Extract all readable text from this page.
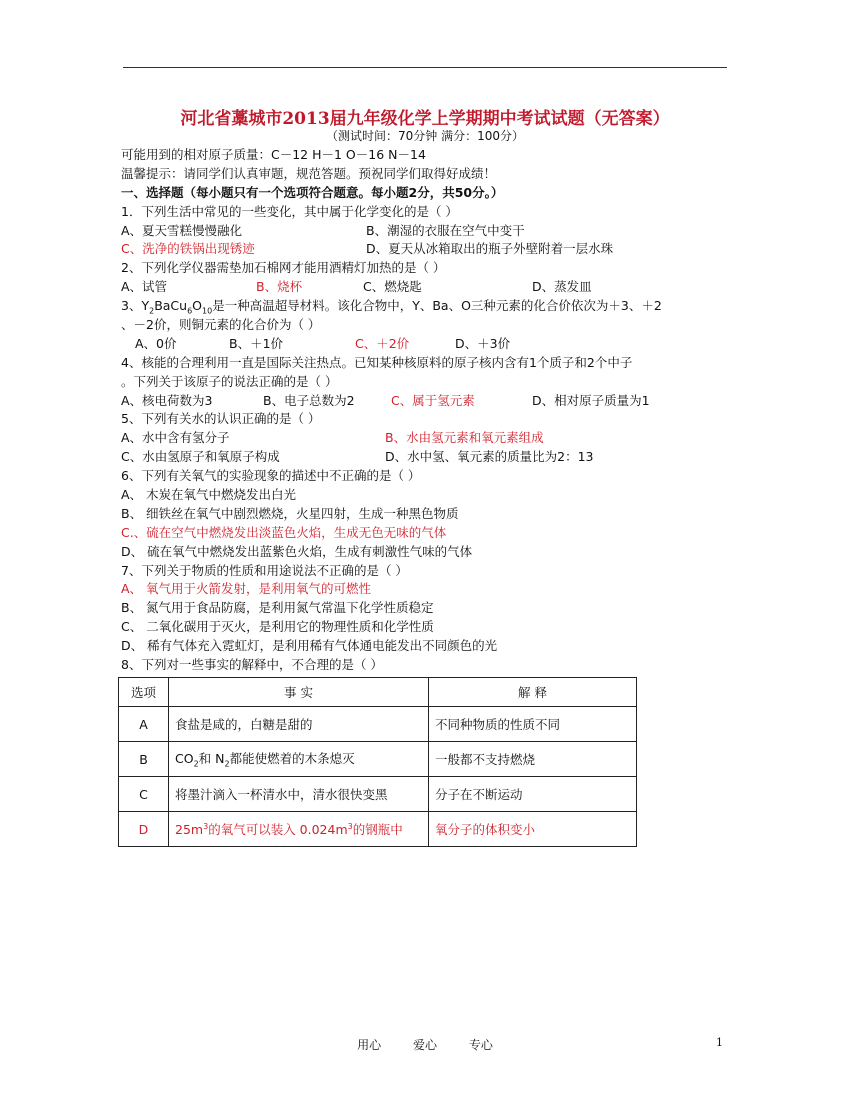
河北省藁城市2013届九年级化学上学期期中考试试题（无答案）
（测试时间：70分钟 满分：100分）
可能用到的相对原子质量：C－12 H－1 O－16 N－14
温馨提示：请同学们认真审题，规范答题。预祝同学们取得好成绩！
一、选择题（每小题只有一个选项符合题意。每小题2分，共50分。）
1．下列生活中常见的一些变化，其中属于化学变化的是（ ）
A、夏天雪糕慢慢融化	B、潮湿的衣服在空气中变干
C、洗净的铁锅出现锈迹	D、夏天从冰箱取出的瓶子外壁附着一层水珠
2、下列化学仪器需垫加石棉网才能用酒精灯加热的是（ ）
A、试管	B、烧杯	C、燃烧匙	D、蒸发皿
3、$Y_2BaCu_6O_{10}$是一种高温超导材料。该化合物中，Y、Ba、O三种元素的化合价依次为＋3、＋2
、－2价，则铜元素的化合价为（ ）
A、0价	B、＋1价	C、＋2价	D、＋3价
4、核能的合理利用一直是国际关注热点。已知某种核原料的原子核内含有1个质子和2个中子
。下列关于该原子的说法正确的是（ ）
A、核电荷数为3	B、电子总数为2	C、属于氢元素	D、相对原子质量为1
5、下列有关水的认识正确的是（ ）
A、水中含有氢分子	B、水由氢元素和氧元素组成
C、水由氢原子和氧原子构成	D、水中氢、氧元素的质量比为2：13
6、下列有关氧气的实验现象的描述中不正确的是（ ）
A、 木炭在氧气中燃烧发出白光
B、 细铁丝在氧气中剧烈燃烧，火星四射，生成一种黑色物质
C.、硫在空气中燃烧发出淡蓝色火焰，生成无色无味的气体
D、 硫在氧气中燃烧发出蓝紫色火焰，生成有刺激性气味的气体
7、下列关于物质的性质和用途说法不正确的是（ ）
A、 氧气用于火箭发射，是利用氧气的可燃性
B、 氮气用于食品防腐，是利用氮气常温下化学性质稳定
C、 二氧化碳用于灭火，是利用它的物理性质和化学性质
D、 稀有气体充入霓虹灯，是利用稀有气体通电能发出不同颜色的光
8、下列对一些事实的解释中，不合理的是（ ）
选项	事 实	解 释
A	食盐是咸的，白糖是甜的	不同种物质的性质不同
B	$CO_2$和 $N_2$都能使燃着的木条熄灭	一般都不支持燃烧
C	将墨汁滴入一杯清水中，清水很快变黑	分子在不断运动
D	$25m^3$的氧气可以装入 $0.024m^3$的钢瓶中	氧分子的体积变小
用心	爱心	专心	1
